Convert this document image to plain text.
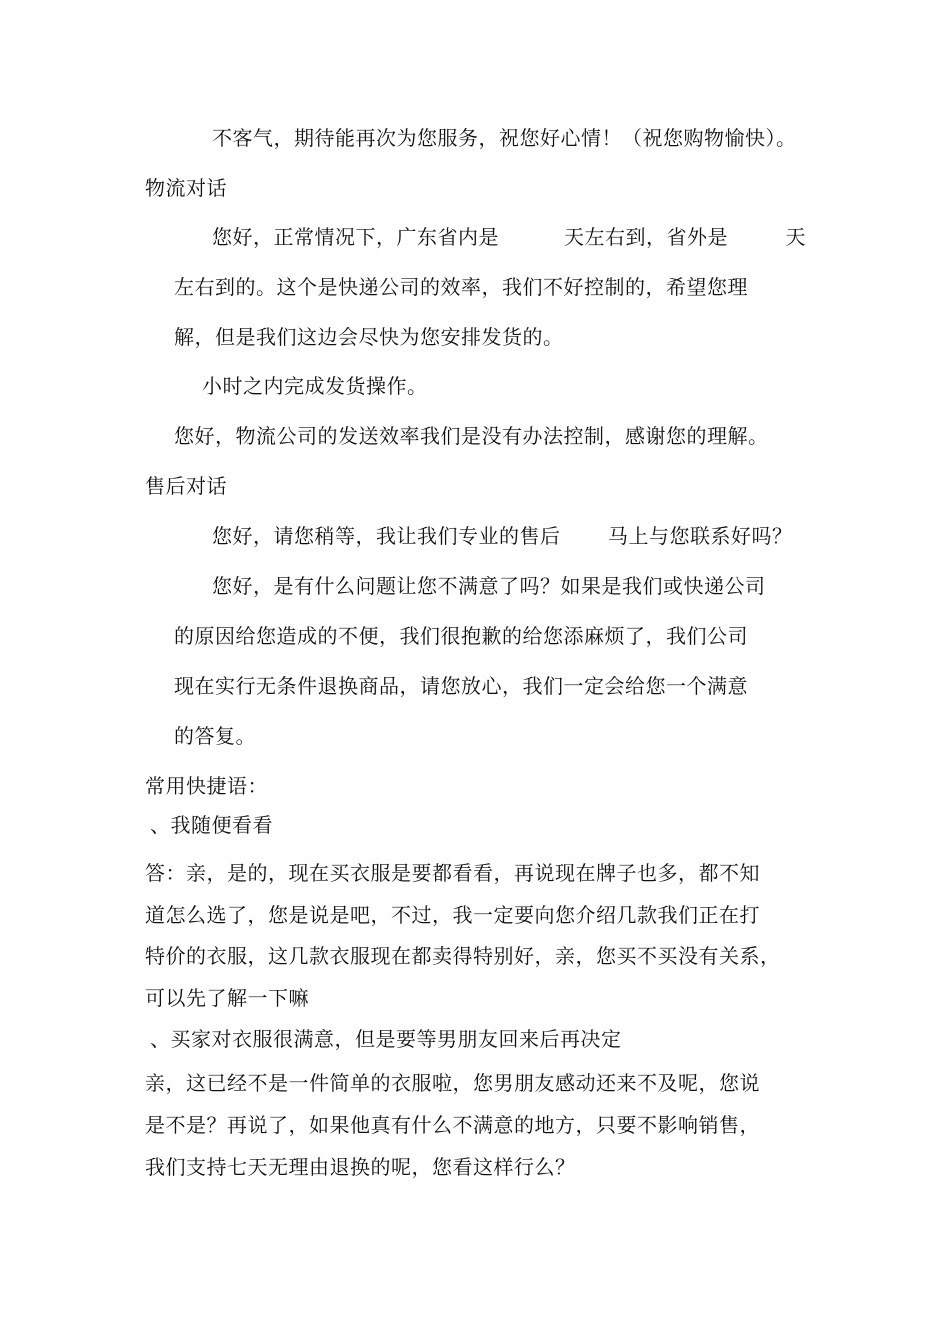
不客气，期待能再次为您服务，祝您好心情！（祝您购物愉快）。
物流对话
您好，正常情况下，广东省内是	天左右到，省外是	天
左右到的。这个是快递公司的效率，我们不好控制的，希望您理
解，但是我们这边会尽快为您安排发货的。
小时之内完成发货操作。
您好，物流公司的发送效率我们是没有办法控制，感谢您的理解。
售后对话
您好，请您稍等，我让我们专业的售后 马上与您联系好吗？
您好，是有什么问题让您不满意了吗？如果是我们或快递公司
的原因给您造成的不便，我们很抱歉的给您添麻烦了，我们公司
现在实行无条件退换商品，请您放心，我们一定会给您一个满意
的答复。
常用快捷语：
、我随便看看
答：亲，是的，现在买衣服是要都看看，再说现在牌子也多，都不知
道怎么选了，您是说是吧，不过，我一定要向您介绍几款我们正在打
特价的衣服，这几款衣服现在都卖得特别好，亲，您买不买没有关系，
可以先了解一下嘛
、买家对衣服很满意，但是要等男朋友回来后再决定
亲，这已经不是一件简单的衣服啦，您男朋友感动还来不及呢，您说
是不是？再说了，如果他真有什么不满意的地方，只要不影响销售，
我们支持七天无理由退换的呢，您看这样行么？
